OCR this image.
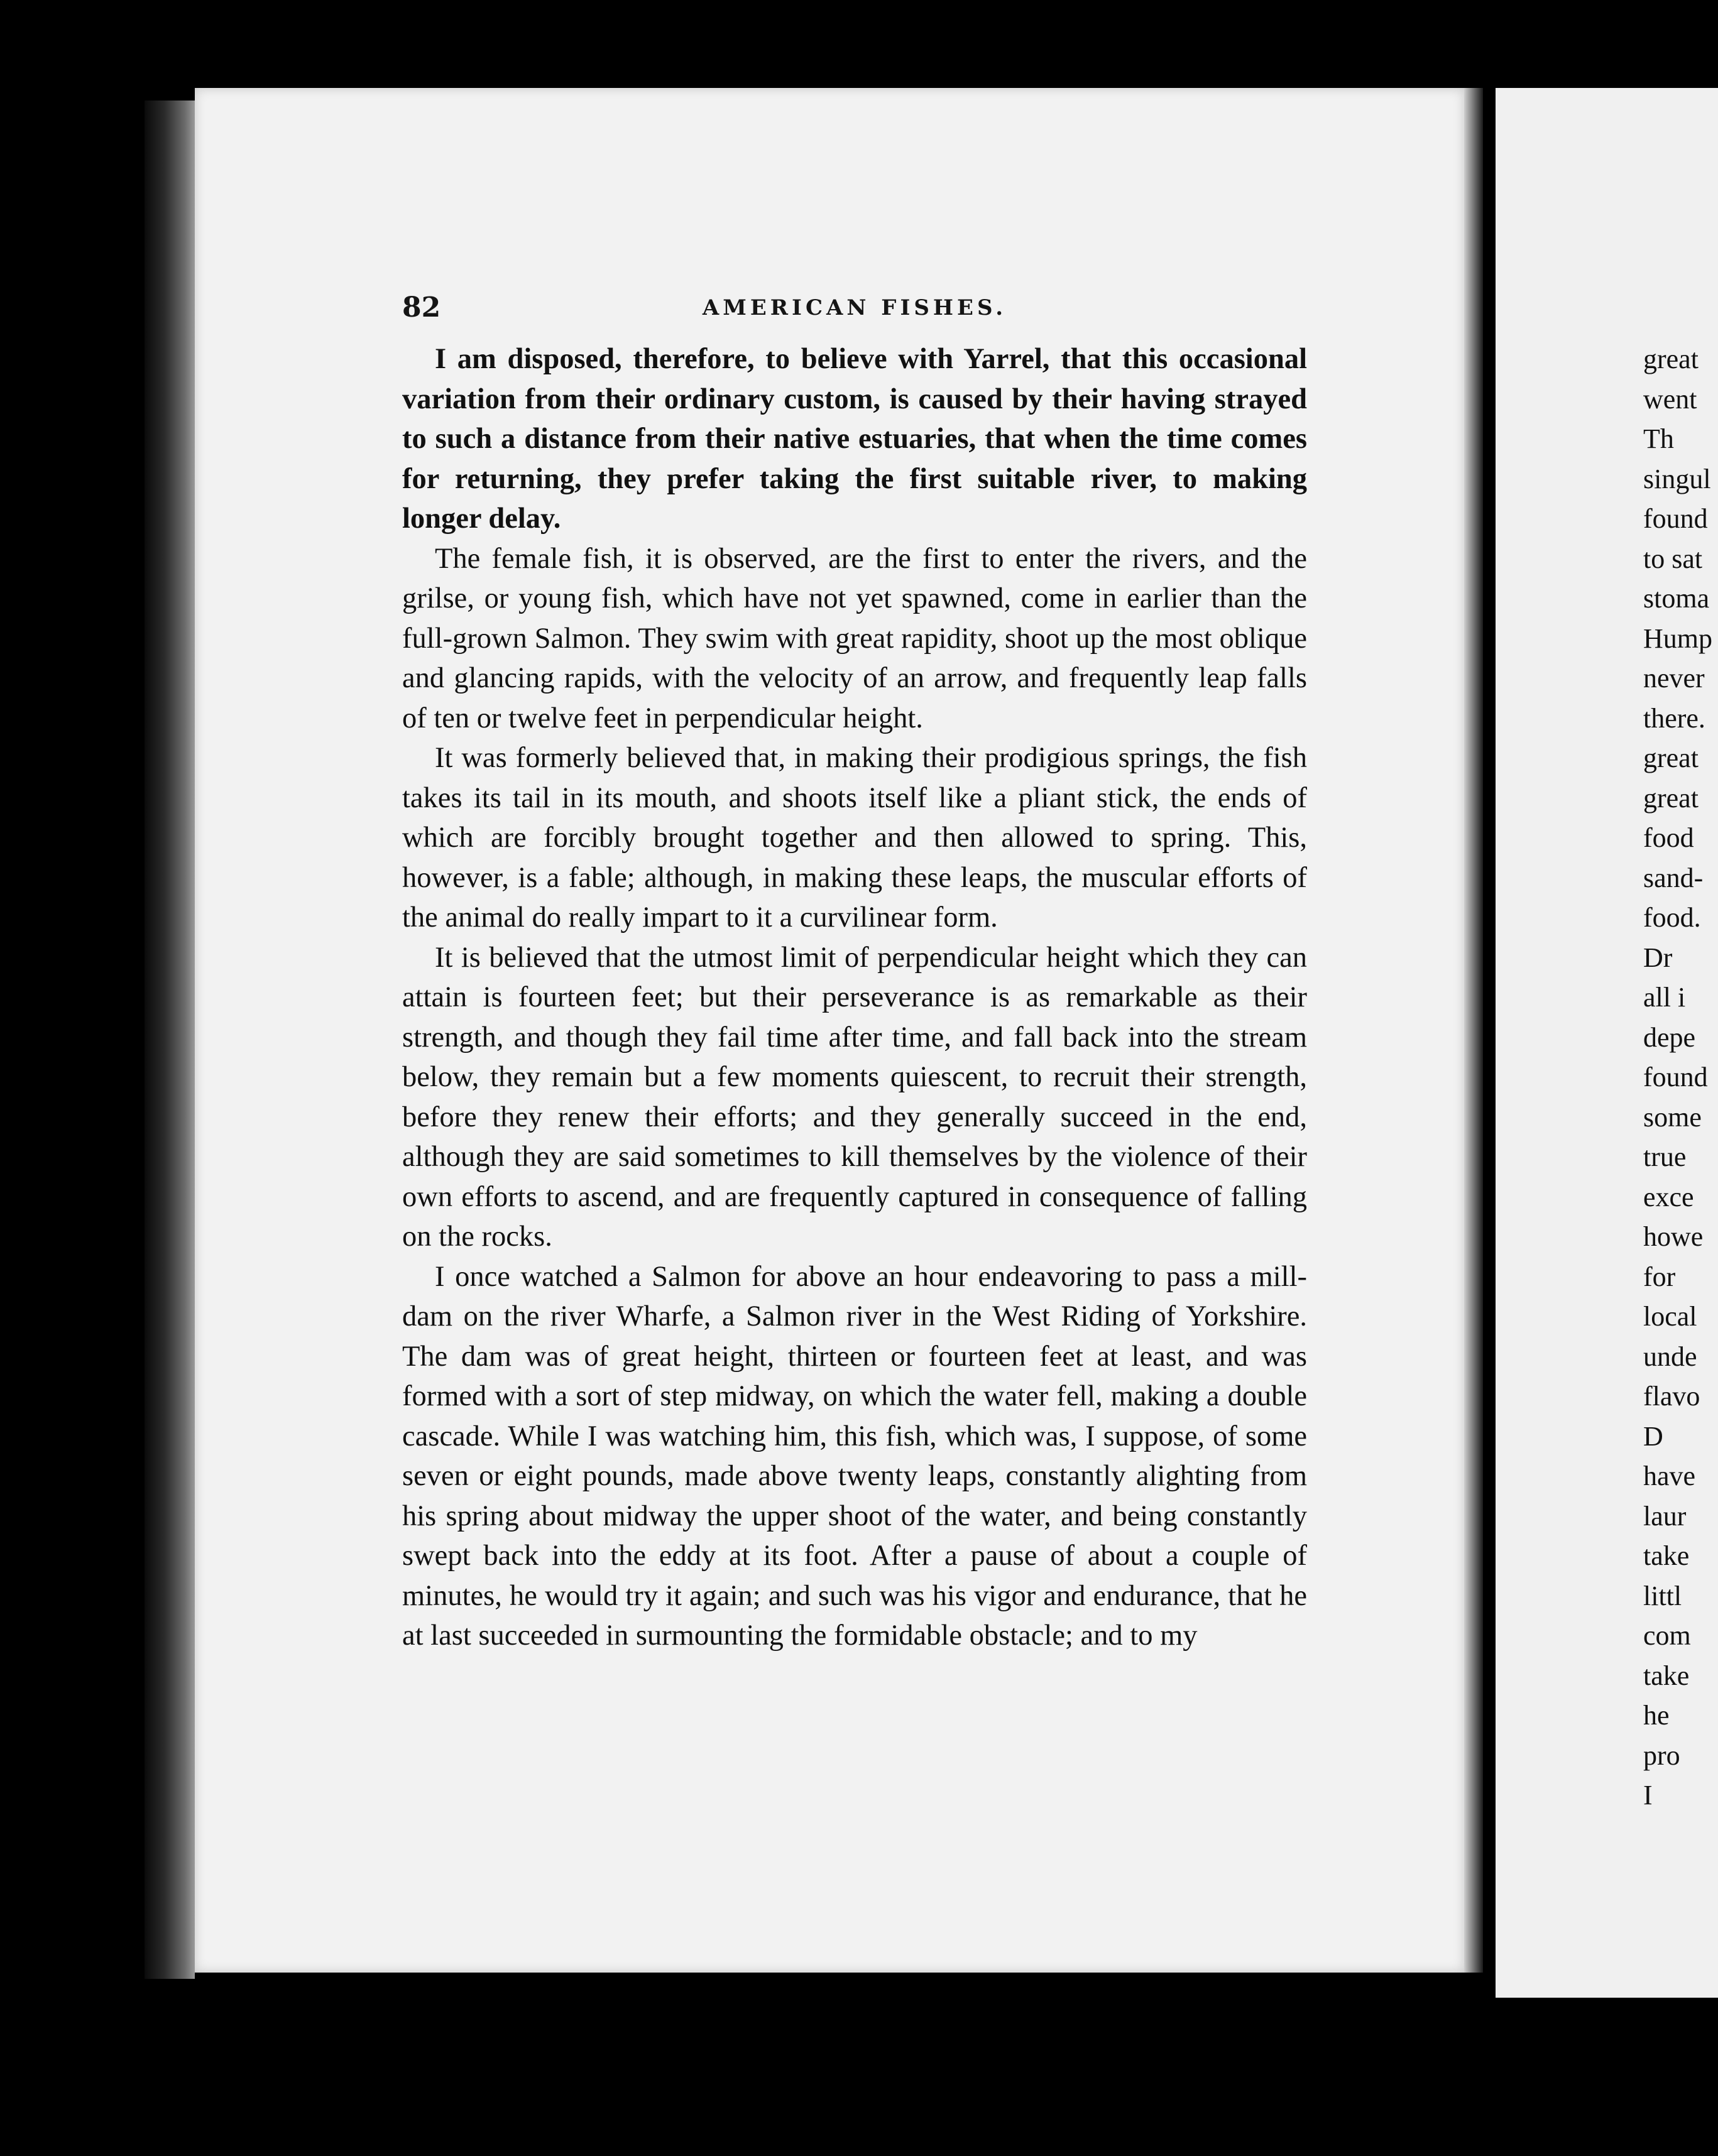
82	AMERICAN FISHES.

I am disposed, therefore, to believe with Yarrel, that this occasional variation from their ordinary custom, is caused by their having strayed to such a distance from their native estuaries, that when the time comes for returning, they prefer taking the first suitable river, to making longer delay.

The female fish, it is observed, are the first to enter the rivers, and the grilse, or young fish, which have not yet spawned, come in earlier than the full-grown Salmon. They swim with great rapidity, shoot up the most oblique and glancing rapids, with the velocity of an arrow, and frequently leap falls of ten or twelve feet in perpendicular height.

It was formerly believed that, in making their prodigious springs, the fish takes its tail in its mouth, and shoots itself like a pliant stick, the ends of which are forcibly brought together and then allowed to spring. This, however, is a fable; although, in making these leaps, the muscular efforts of the animal do really impart to it a curvilinear form.

It is believed that the utmost limit of perpendicular height which they can attain is fourteen feet; but their perseverance is as remarkable as their strength, and though they fail time after time, and fall back into the stream below, they remain but a few moments quiescent, to recruit their strength, before they renew their efforts; and they generally succeed in the end, although they are said sometimes to kill themselves by the violence of their own efforts to ascend, and are frequently captured in consequence of falling on the rocks.

I once watched a Salmon for above an hour endeavoring to pass a mill-dam on the river Wharfe, a Salmon river in the West Riding of Yorkshire. The dam was of great height, thirteen or fourteen feet at least, and was formed with a sort of step midway, on which the water fell, making a double cascade. While I was watching him, this fish, which was, I suppose, of some seven or eight pounds, made above twenty leaps, constantly alighting from his spring about midway the upper shoot of the water, and being constantly swept back into the eddy at its foot. After a pause of about a couple of minutes, he would try it again; and such was his vigor and endurance, that he at last succeeded in surmounting the formidable obstacle; and to my

great
went
Th
singul
found
to sat
stoma
Hump
never
there.
great
great
food
sand-
food.
Dr
all i
depe
found
some
true
exce
howe
for
local
unde
flavo
D
have
laur
take
littl
com
take
he
pro
I
